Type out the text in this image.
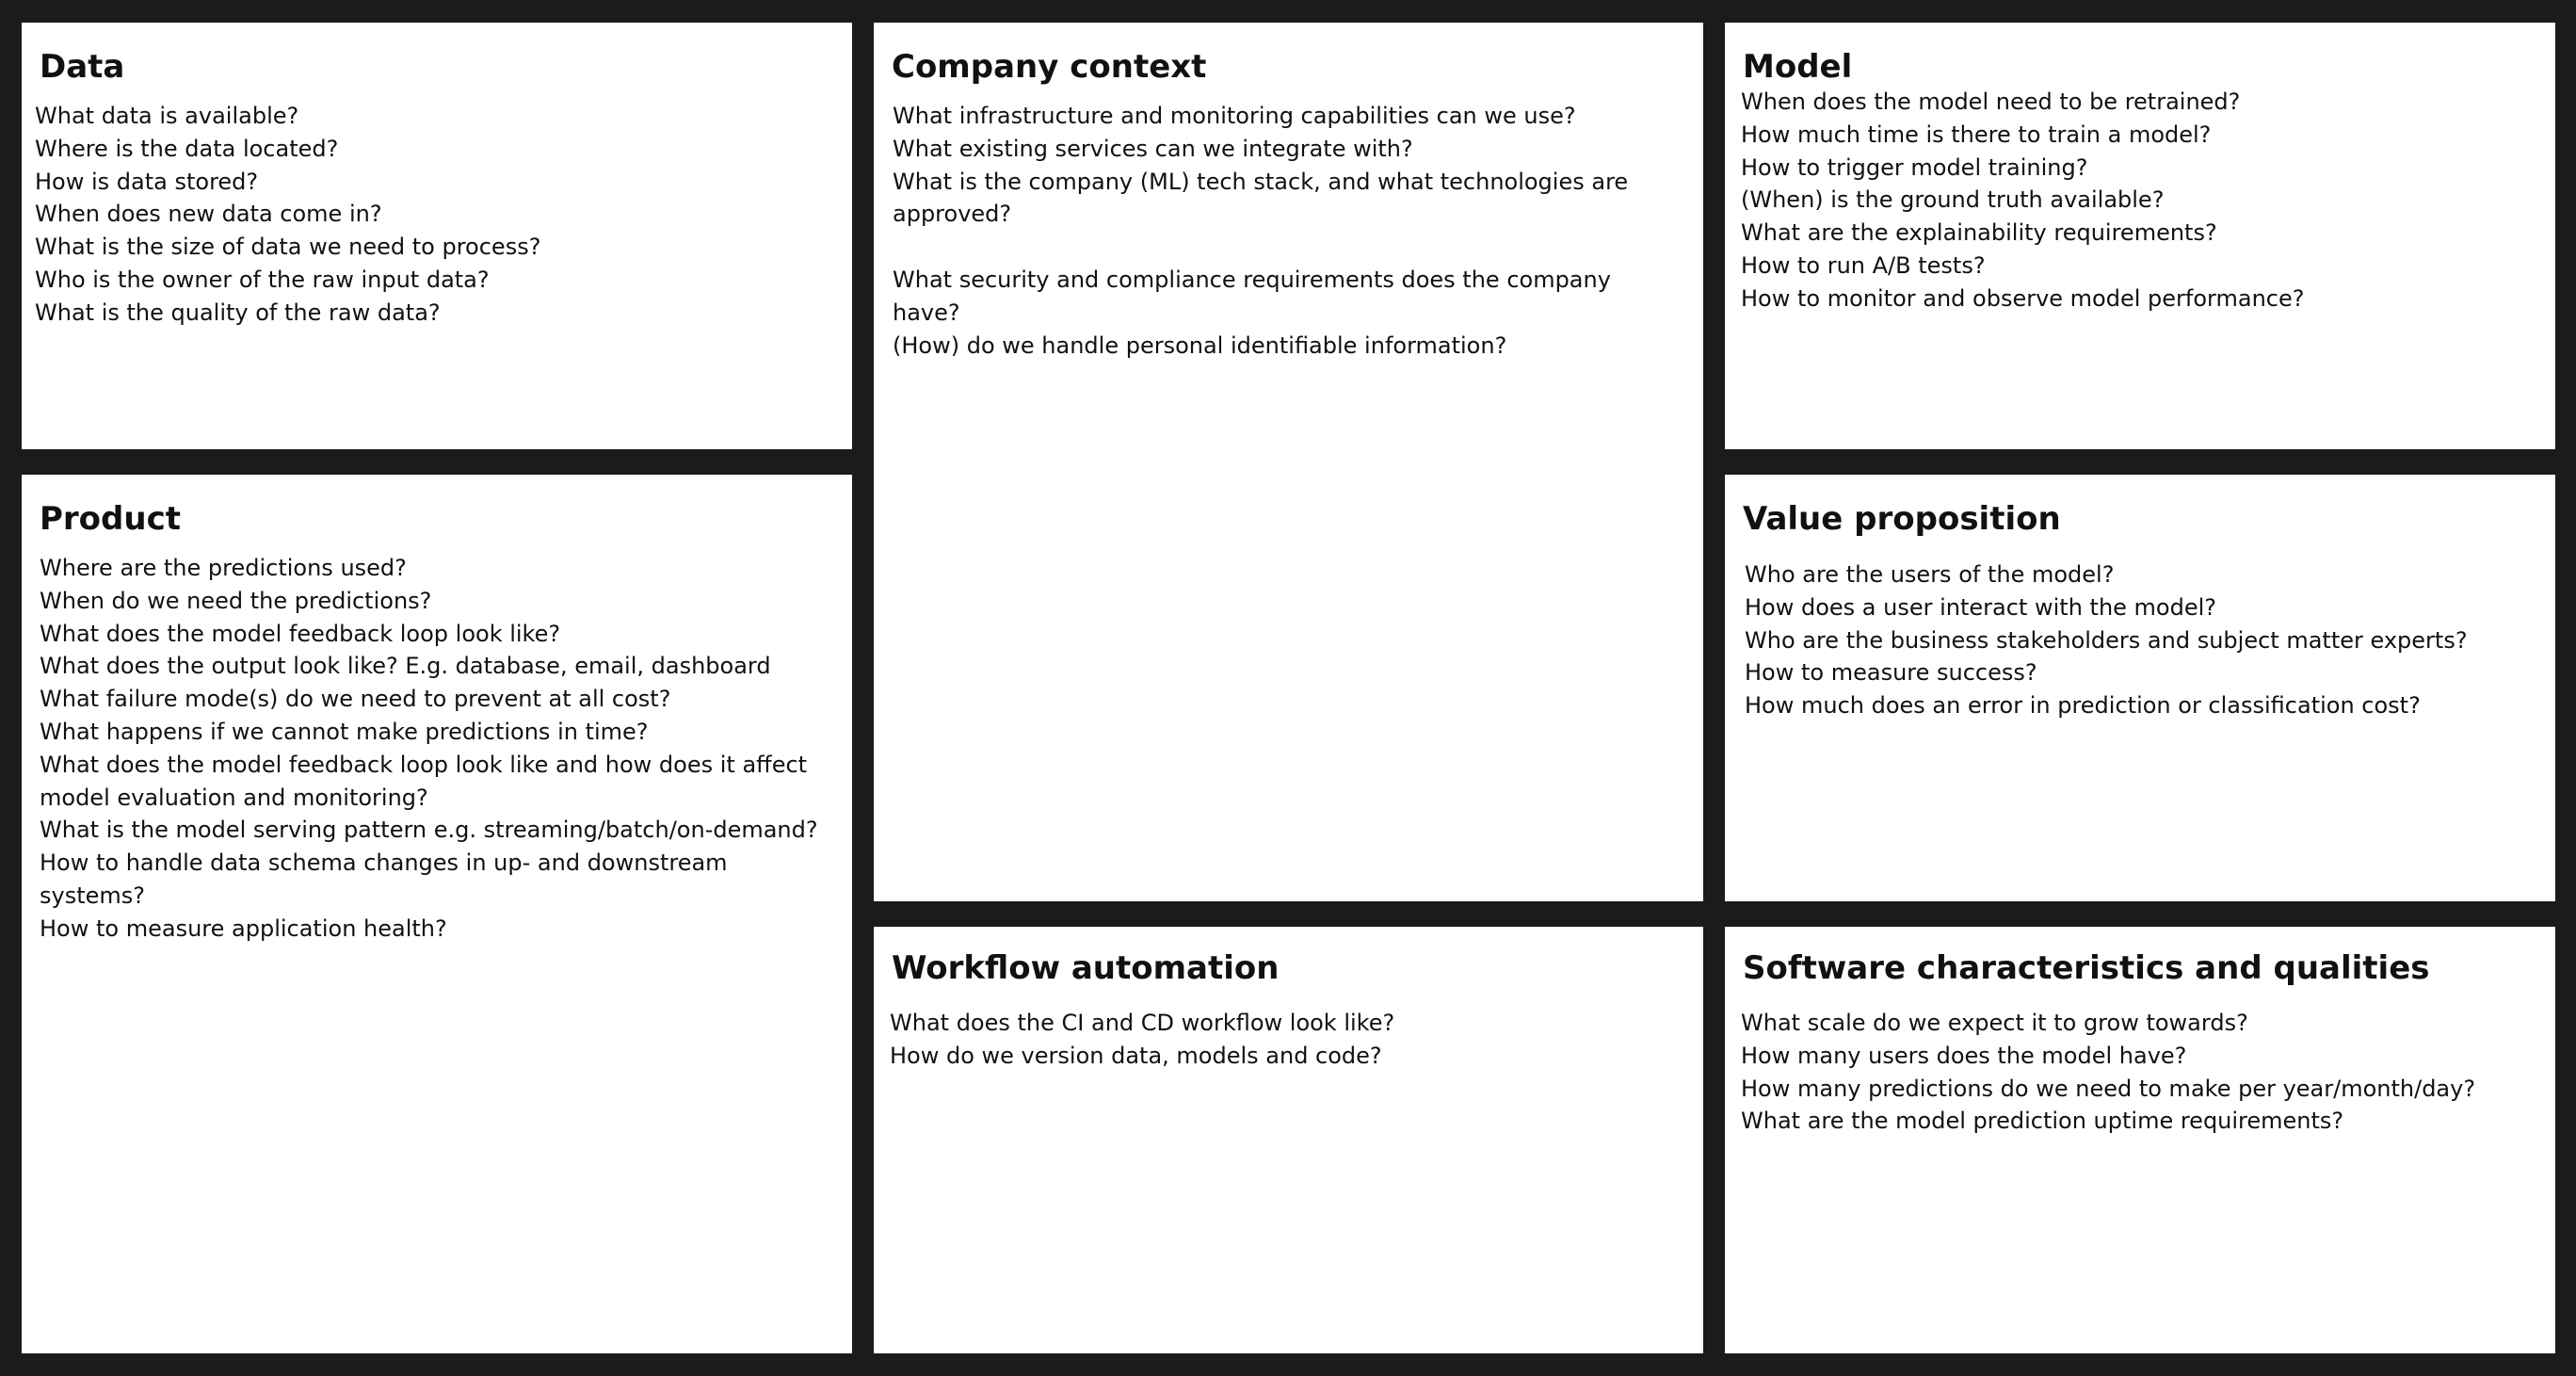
Data
What data is available?
Where is the data located?
How is data stored?
When does new data come in?
What is the size of data we need to process?
Who is the owner of the raw input data?
What is the quality of the raw data?
Company context
What infrastructure and monitoring capabilities can we use?
What existing services can we integrate with?
What is the company (ML) tech stack, and what technologies are approved?
What security and compliance requirements does the company have?
(How) do we handle personal identifiable information?
Model
When does the model need to be retrained?
How much time is there to train a model?
How to trigger model training?
(When) is the ground truth available?
What are the explainability requirements?
How to run A/B tests?
How to monitor and observe model performance?
Product
Where are the predictions used?
When do we need the predictions?
What does the model feedback loop look like?
What does the output look like? E.g. database, email, dashboard
What failure mode(s) do we need to prevent at all cost?
What happens if we cannot make predictions in time?
What does the model feedback loop look like and how does it affect model evaluation and monitoring?
What is the model serving pattern e.g. streaming/batch/on-demand?
How to handle data schema changes in up- and downstream systems?
How to measure application health?
Value proposition
Who are the users of the model?
How does a user interact with the model?
Who are the business stakeholders and subject matter experts?
How to measure success?
How much does an error in prediction or classification cost?
Workflow automation
What does the CI and CD workflow look like?
How do we version data, models and code?
Software characteristics and qualities
What scale do we expect it to grow towards?
How many users does the model have?
How many predictions do we need to make per year/month/day?
What are the model prediction uptime requirements?
